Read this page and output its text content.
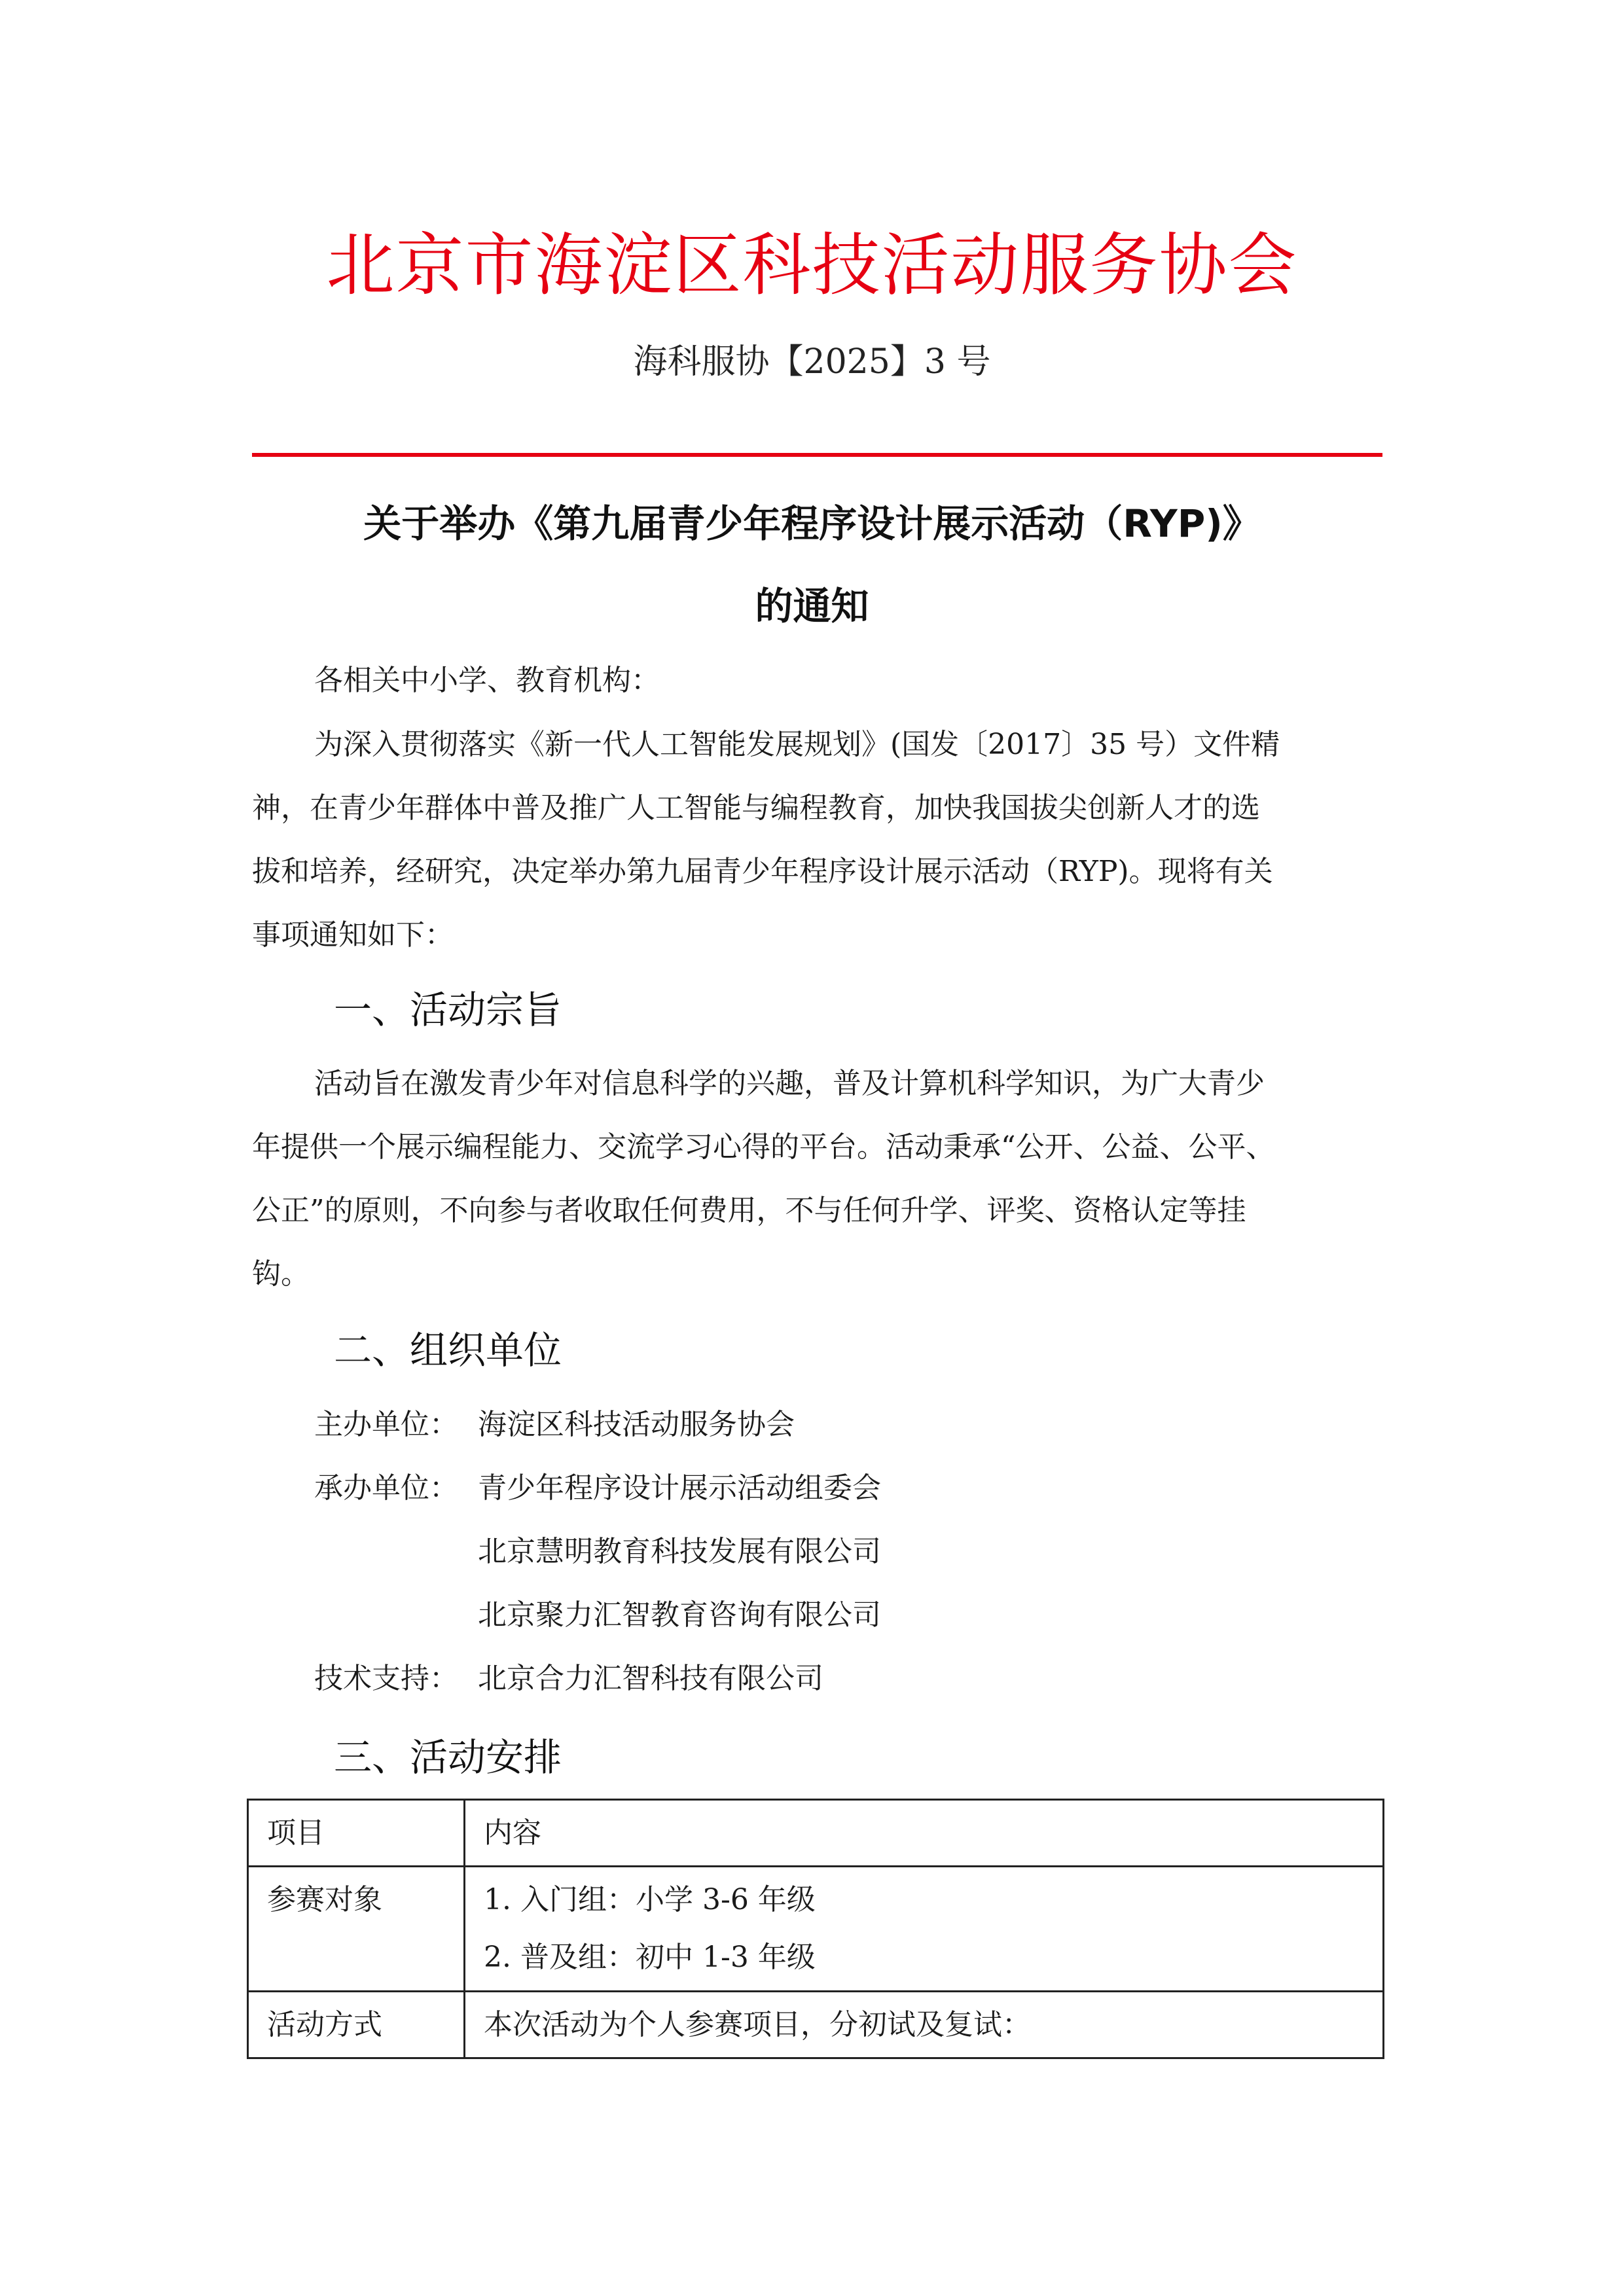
北京市海淀区科技活动服务协会
海科服协【2025】3 号
关于举办《第九届青少年程序设计展示活动（RYP)》
的通知
各相关中小学、教育机构：
为深入贯彻落实《新一代人工智能发展规划》(国发〔2017〕35 号）文件精
神，在青少年群体中普及推广人工智能与编程教育，加快我国拔尖创新人才的选
拔和培养，经研究，决定举办第九届青少年程序设计展示活动（RYP)。现将有关
事项通知如下：
一、活动宗旨
活动旨在激发青少年对信息科学的兴趣，普及计算机科学知识，为广大青少
年提供一个展示编程能力、交流学习心得的平台。活动秉承“公开、公益、公平、
公正”的原则，不向参与者收取任何费用，不与任何升学、评奖、资格认定等挂
钩。
二、组织单位
主办单位： 海淀区科技活动服务协会
承办单位： 青少年程序设计展示活动组委会
北京慧明教育科技发展有限公司
北京聚力汇智教育咨询有限公司
技术支持： 北京合力汇智科技有限公司
三、活动安排
项目	内容

参赛对象	1. 入门组：小学 3-6 年级
2. 普及组：初中 1-3 年级

活动方式	本次活动为个人参赛项目，分初试及复试：
